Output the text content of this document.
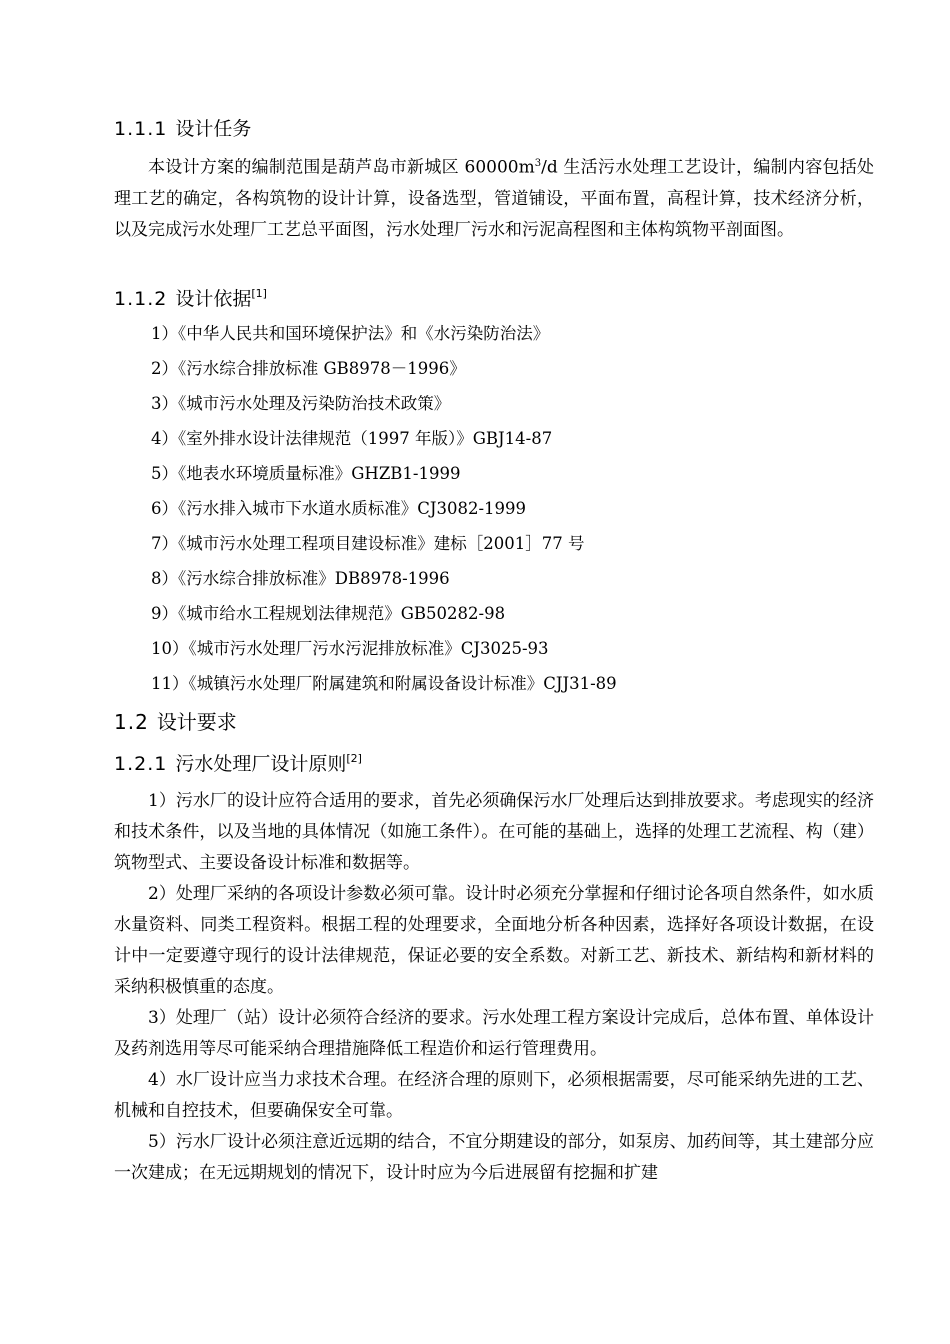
1.1.1 设计任务

本设计方案的编制范围是葫芦岛市新城区 $60000m^3/d$ 生活污水处理工艺设计，编制内容包括处理工艺的确定，各构筑物的设计计算，设备选型，管道铺设，平面布置，高程计算，技术经济分析，以及完成污水处理厂工艺总平面图，污水处理厂污水和污泥高程图和主体构筑物平剖面图。

1.1.2 设计依据[1]
1）《中华人民共和国环境保护法》和《水污染防治法》
2）《污水综合排放标准 GB8978－1996》
3）《城市污水处理及污染防治技术政策》
4）《室外排水设计法律规范（1997 年版）》GBJ14-87
5）《地表水环境质量标准》GHZB1-1999
6）《污水排入城市下水道水质标准》CJ3082-1999
7）《城市污水处理工程项目建设标准》建标［2001］77 号
8）《污水综合排放标准》DB8978-1996
9）《城市给水工程规划法律规范》GB50282-98
10）《城市污水处理厂污水污泥排放标准》CJ3025-93
11）《城镇污水处理厂附属建筑和附属设备设计标准》CJJ31-89
1.2 设计要求
1.2.1 污水处理厂设计原则[2]

1）污水厂的设计应符合适用的要求，首先必须确保污水厂处理后达到排放要求。考虑现实的经济和技术条件，以及当地的具体情况（如施工条件）。在可能的基础上，选择的处理工艺流程、构（建）筑物型式、主要设备设计标准和数据等。

2）处理厂采纳的各项设计参数必须可靠。设计时必须充分掌握和仔细讨论各项自然条件，如水质水量资料、同类工程资料。根据工程的处理要求，全面地分析各种因素，选择好各项设计数据，在设计中一定要遵守现行的设计法律规范，保证必要的安全系数。对新工艺、新技术、新结构和新材料的采纳积极慎重的态度。

3）处理厂（站）设计必须符合经济的要求。污水处理工程方案设计完成后，总体布置、单体设计及药剂选用等尽可能采纳合理措施降低工程造价和运行管理费用。

4）水厂设计应当力求技术合理。在经济合理的原则下，必须根据需要，尽可能采纳先进的工艺、机械和自控技术，但要确保安全可靠。

5）污水厂设计必须注意近远期的结合，不宜分期建设的部分，如泵房、加药间等，其土建部分应一次建成；在无远期规划的情况下，设计时应为今后进展留有挖掘和扩建
